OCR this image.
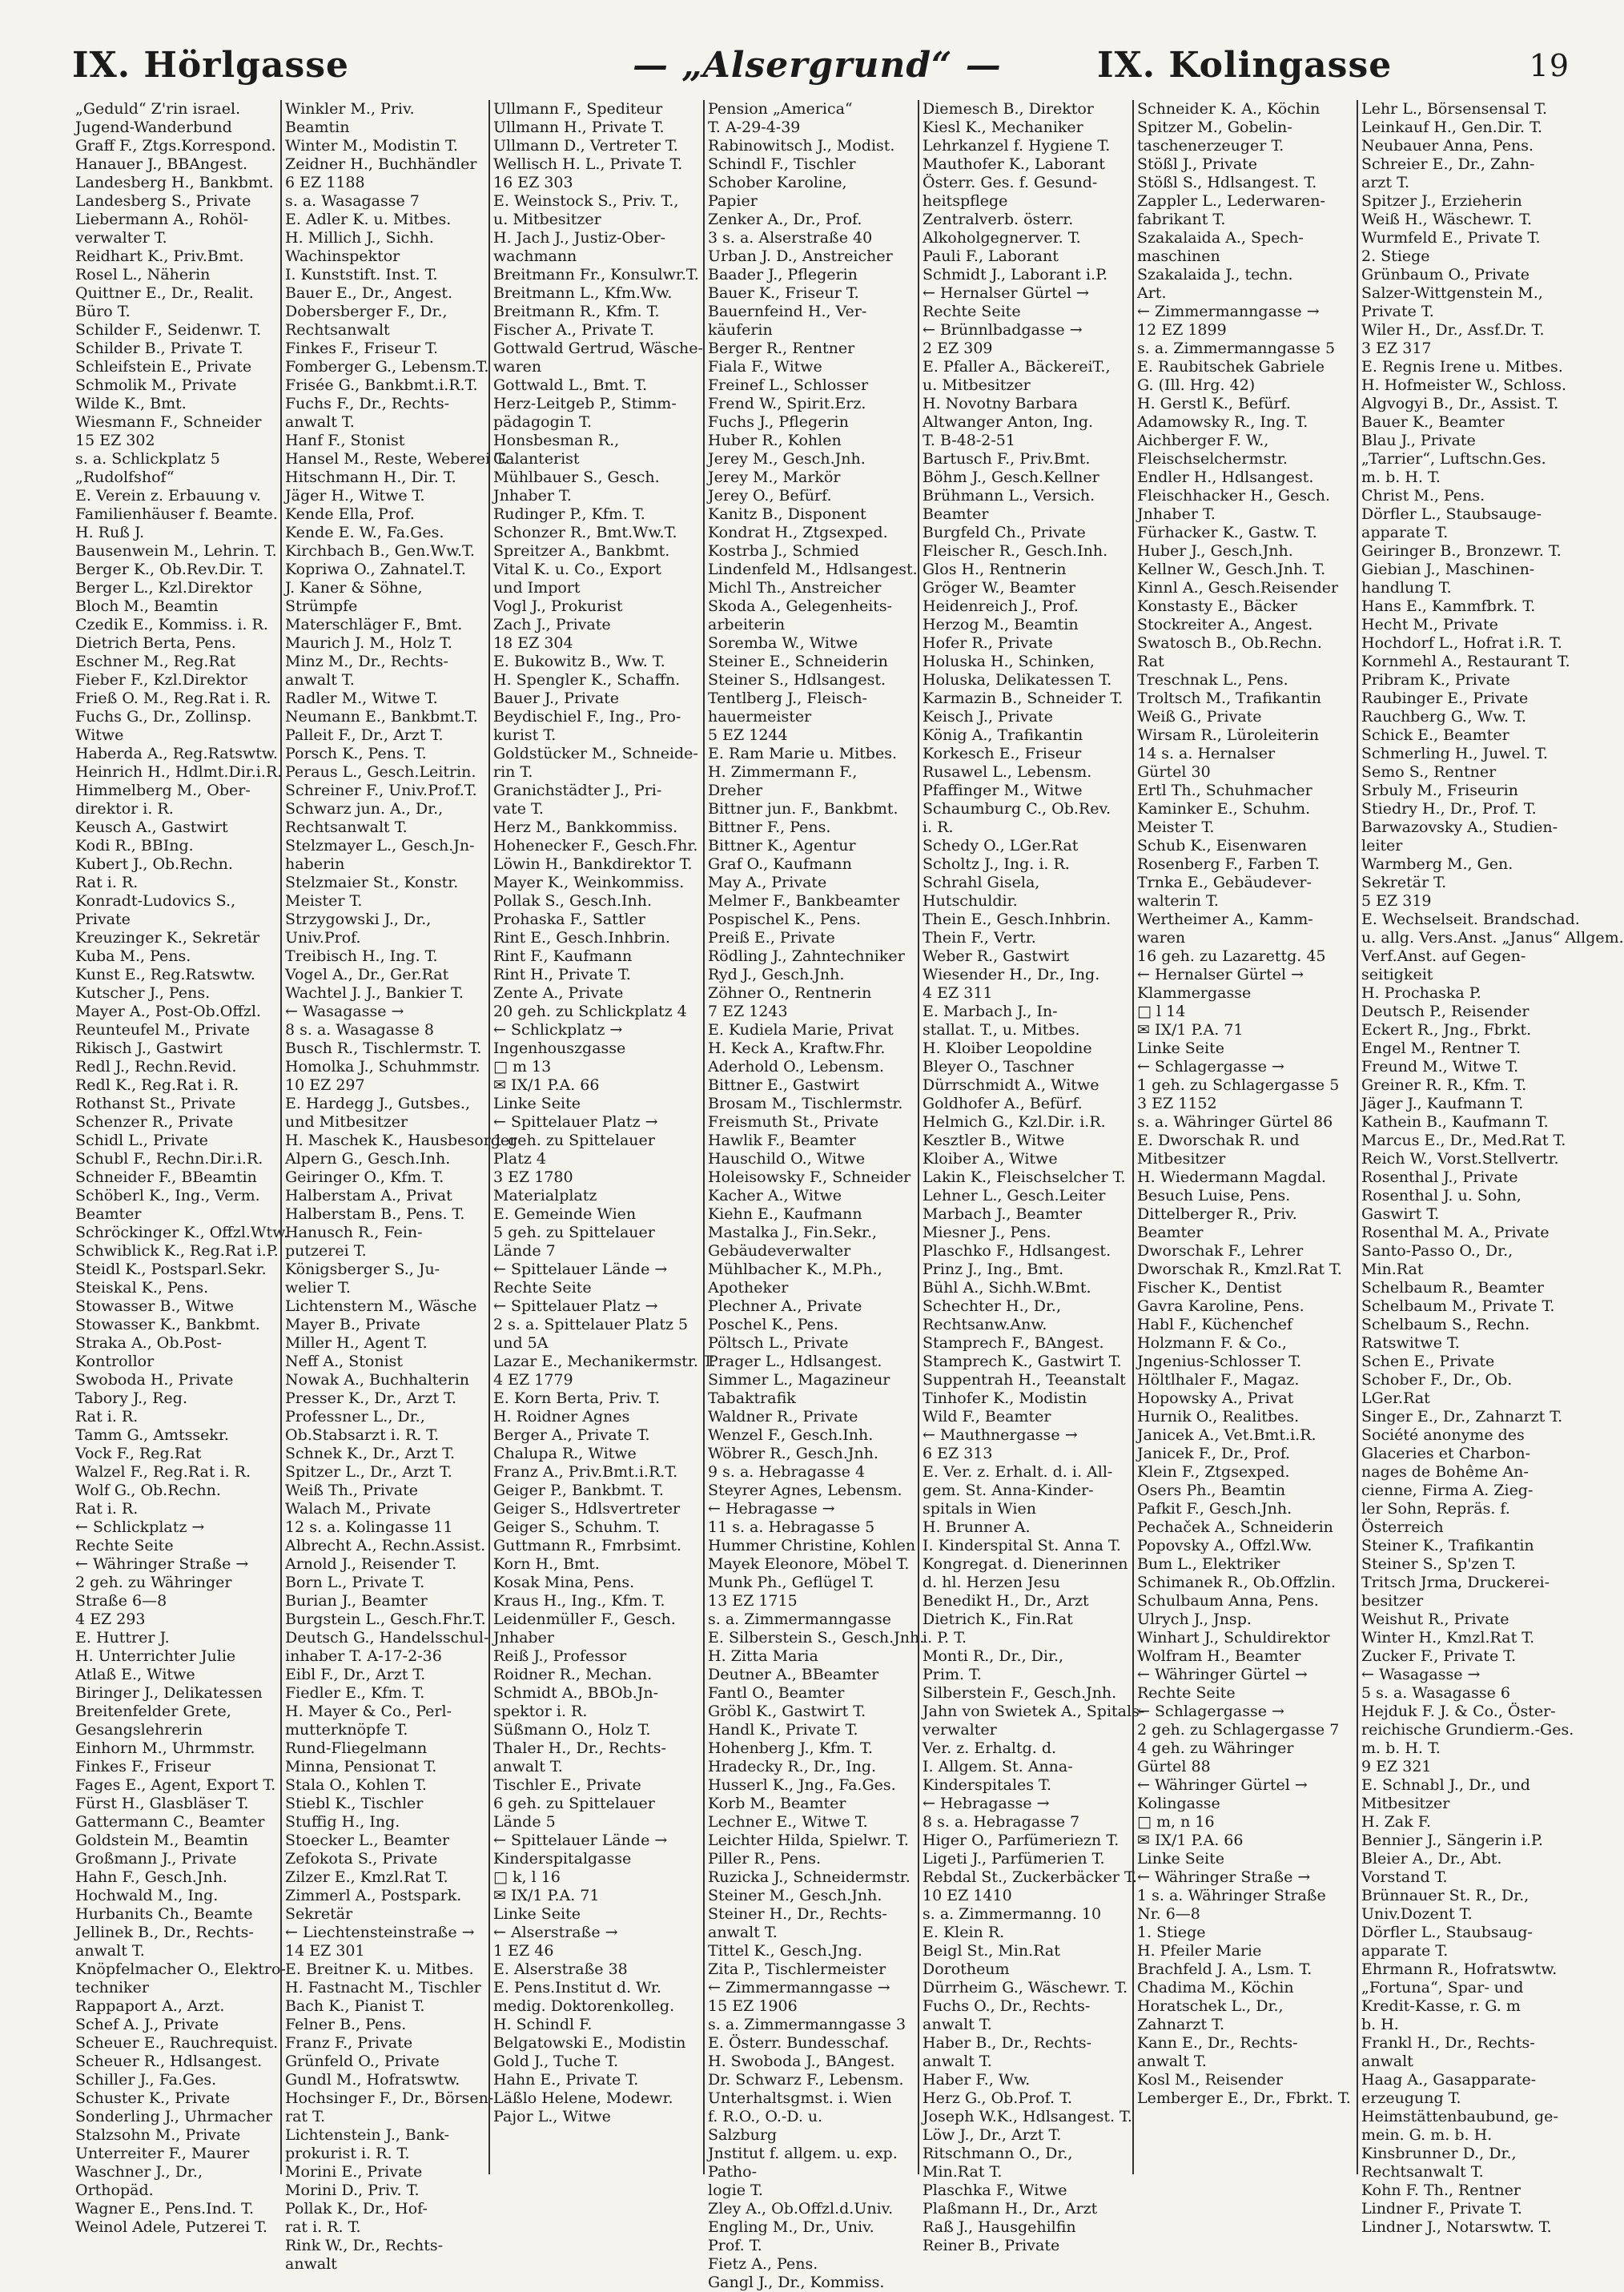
IX. Hörlgasse	— „Alsergrund“ —	IX. Kolingasse	19
„Geduld“ Z'rin israel.
Jugend-Wanderbund
Graff F., Ztgs.Korrespond.
Hanauer J., BBAngest.
Landesberg H., Bankbmt.
Landesberg S., Private
Liebermann A., Rohöl-
verwalter T.
Reidhart K., Priv.Bmt.
Rosel L., Näherin
Quittner E., Dr., Realit.
Büro T.
Schilder F., Seidenwr. T.
Schilder B., Private T.
Schleifstein E., Private
Schmolik M., Private
Wilde K., Bmt.
Wiesmann F., Schneider
15 EZ 302
s. a. Schlickplatz 5
„Rudolfshof“
E. Verein z. Erbauung v.
Familienhäuser f. Beamte.
H. Ruß J.
Bausenwein M., Lehrin. T.
Berger K., Ob.Rev.Dir. T.
Berger L., Kzl.Direktor
Bloch M., Beamtin
Czedik E., Kommiss. i. R.
Dietrich Berta, Pens.
Eschner M., Reg.Rat
Fieber F., Kzl.Direktor
Frieß O. M., Reg.Rat i. R.
Fuchs G., Dr., Zollinsp.
Witwe
Haberda A., Reg.Ratswtw.
Heinrich H., Hdlmt.Dir.i.R.
Himmelberg M., Ober-
direktor i. R.
Keusch A., Gastwirt
Kodi R., BBIng.
Kubert J., Ob.Rechn.
Rat i. R.
Konradt-Ludovics S.,
Private
Kreuzinger K., Sekretär
Kuba M., Pens.
Kunst E., Reg.Ratswtw.
Kutscher J., Pens.
Mayer A., Post-Ob.Offzl.
Reunteufel M., Private
Rikisch J., Gastwirt
Redl J., Rechn.Revid.
Redl K., Reg.Rat i. R.
Rothanst St., Private
Schenzer R., Private
Schidl L., Private
Schubl F., Rechn.Dir.i.R.
Schneider F., BBeamtin
Schöberl K., Ing., Verm.
Beamter
Schröckinger K., Offzl.Wtw.
Schwiblick K., Reg.Rat i.P.
Steidl K., Postsparl.Sekr.
Steiskal K., Pens.
Stowasser B., Witwe
Stowasser K., Bankbmt.
Straka A., Ob.Post-
Kontrollor
Swoboda H., Private
Tabory J., Reg.
Rat i. R.
Tamm G., Amtssekr.
Vock F., Reg.Rat
Walzel F., Reg.Rat i. R.
Wolf G., Ob.Rechn.
Rat i. R.
← Schlickplatz →
Rechte Seite
← Währinger Straße →
2 geh. zu Währinger
Straße 6—8
4 EZ 293
E. Huttrer J.
H. Unterrichter Julie
Atlaß E., Witwe
Biringer J., Delikatessen
Breitenfelder Grete,
Gesangslehrerin
Einhorn M., Uhrmmstr.
Finkes F., Friseur
Fages E., Agent, Export T.
Fürst H., Glasbläser T.
Gattermann C., Beamter
Goldstein M., Beamtin
Großmann J., Private
Hahn F., Gesch.Jnh.
Hochwald M., Ing.
Hurbanits Ch., Beamte
Jellinek B., Dr., Rechts-
anwalt T.
Knöpfelmacher O., Elektro-
techniker
Rappaport A., Arzt.
Schef A. J., Private
Scheuer E., Rauchrequist.
Scheuer R., Hdlsangest.
Schiller J., Fa.Ges.
Schuster K., Private
Sonderling J., Uhrmacher
Stalzsohn M., Private
Unterreiter F., Maurer
Waschner J., Dr.,
Orthopäd.
Wagner E., Pens.Ind. T.
Weinol Adele, Putzerei T.
Winkler M., Priv.
Beamtin
Winter M., Modistin T.
Zeidner H., Buchhändler
6 EZ 1188
s. a. Wasagasse 7
E. Adler K. u. Mitbes.
H. Millich J., Sichh.
Wachinspektor
I. Kunststift. Inst. T.
Bauer E., Dr., Angest.
Dobersberger F., Dr.,
Rechtsanwalt
Finkes F., Friseur T.
Fomberger G., Lebensm.T.
Frisée G., Bankbmt.i.R.T.
Fuchs F., Dr., Rechts-
anwalt T.
Hanf F., Stonist
Hansel M., Reste, Weberei T.
Hitschmann H., Dir. T.
Jäger H., Witwe T.
Kende Ella, Prof.
Kende E. W., Fa.Ges.
Kirchbach B., Gen.Ww.T.
Kopriwa O., Zahnatel.T.
J. Kaner & Söhne,
Strümpfe
Materschläger F., Bmt.
Maurich J. M., Holz T.
Minz M., Dr., Rechts-
anwalt T.
Radler M., Witwe T.
Neumann E., Bankbmt.T.
Palleit F., Dr., Arzt T.
Porsch K., Pens. T.
Peraus L., Gesch.Leitrin.
Schreiner F., Univ.Prof.T.
Schwarz jun. A., Dr.,
Rechtsanwalt T.
Stelzmayer L., Gesch.Jn-
haberin
Stelzmaier St., Konstr.
Meister T.
Strzygowski J., Dr.,
Univ.Prof.
Treibisch H., Ing. T.
Vogel A., Dr., Ger.Rat
Wachtel J. J., Bankier T.
← Wasagasse →
8 s. a. Wasagasse 8
Busch R., Tischlermstr. T.
Homolka J., Schuhmmstr.
10 EZ 297
E. Hardegg J., Gutsbes.,
und Mitbesitzer
H. Maschek K., Hausbesorger
Alpern G., Gesch.Inh.
Geiringer O., Kfm. T.
Halberstam A., Privat
Halberstam B., Pens. T.
Hanusch R., Fein-
putzerei T.
Königsberger S., Ju-
welier T.
Lichtenstern M., Wäsche
Mayer B., Private
Miller H., Agent T.
Neff A., Stonist
Nowak A., Buchhalterin
Presser K., Dr., Arzt T.
Professner L., Dr.,
Ob.Stabsarzt i. R. T.
Schnek K., Dr., Arzt T.
Spitzer L., Dr., Arzt T.
Weiß Th., Private
Walach M., Private
12 s. a. Kolingasse 11
Albrecht A., Rechn.Assist.
Arnold J., Reisender T.
Born L., Private T.
Burian J., Beamter
Burgstein L., Gesch.Fhr.T.
Deutsch G., Handelsschul-
inhaber T. A-17-2-36
Eibl F., Dr., Arzt T.
Fiedler E., Kfm. T.
H. Mayer & Co., Perl-
mutterknöpfe T.
Rund-Fliegelmann
Minna, Pensionat T.
Stala O., Kohlen T.
Stiebl K., Tischler
Stuffig H., Ing.
Stoecker L., Beamter
Zefokota S., Private
Zilzer E., Kmzl.Rat T.
Zimmerl A., Postspark.
Sekretär
← Liechtensteinstraße →
14 EZ 301
E. Breitner K. u. Mitbes.
H. Fastnacht M., Tischler
Bach K., Pianist T.
Felner B., Pens.
Franz F., Private
Grünfeld O., Private
Gundl M., Hofratswtw.
Hochsinger F., Dr., Börsen-
rat T.
Lichtenstein J., Bank-
prokurist i. R. T.
Morini E., Private
Morini D., Priv. T.
Pollak K., Dr., Hof-
rat i. R. T.
Rink W., Dr., Rechts-
anwalt
Ullmann F., Spediteur
Ullmann H., Private T.
Ullmann D., Vertreter T.
Wellisch H. L., Private T.
16 EZ 303
E. Weinstock S., Priv. T.,
u. Mitbesitzer
H. Jach J., Justiz-Ober-
wachmann
Breitmann Fr., Konsulwr.T.
Breitmann L., Kfm.Ww.
Breitmann R., Kfm. T.
Fischer A., Private T.
Gottwald Gertrud, Wäsche-
waren
Gottwald L., Bmt. T.
Herz-Leitgeb P., Stimm-
pädagogin T.
Honsbesman R.,
Galanterist
Mühlbauer S., Gesch.
Jnhaber T.
Rudinger P., Kfm. T.
Schonzer R., Bmt.Ww.T.
Spreitzer A., Bankbmt.
Vital K. u. Co., Export
und Import
Vogl J., Prokurist
Zach J., Private
18 EZ 304
E. Bukowitz B., Ww. T.
H. Spengler K., Schaffn.
Bauer J., Private
Beydischiel F., Ing., Pro-
kurist T.
Goldstücker M., Schneide-
rin T.
Granichstädter J., Pri-
vate T.
Herz M., Bankkommiss.
Hohenecker F., Gesch.Fhr.
Löwin H., Bankdirektor T.
Mayer K., Weinkommiss.
Pollak S., Gesch.Inh.
Prohaska F., Sattler
Rint E., Gesch.Inhbrin.
Rint F., Kaufmann
Rint H., Private T.
Zente A., Private
20 geh. zu Schlickplatz 4
← Schlickplatz →
Ingenhouszgasse
□ m 13
✉ IX/1 P.A. 66
Linke Seite
← Spittelauer Platz →
1 geh. zu Spittelauer
Platz 4
3 EZ 1780
Materialplatz
E. Gemeinde Wien
5 geh. zu Spittelauer
Lände 7
← Spittelauer Lände →
Rechte Seite
← Spittelauer Platz →
2 s. a. Spittelauer Platz 5
und 5A
Lazar E., Mechanikermstr. T.
4 EZ 1779
E. Korn Berta, Priv. T.
H. Roidner Agnes
Berger A., Private T.
Chalupa R., Witwe
Franz A., Priv.Bmt.i.R.T.
Geiger P., Bankbmt. T.
Geiger S., Hdlsvertreter
Geiger S., Schuhm. T.
Guttmann R., Fmrbsimt.
Korn H., Bmt.
Kosak Mina, Pens.
Kraus H., Ing., Kfm. T.
Leidenmüller F., Gesch.
Jnhaber
Reiß J., Professor
Roidner R., Mechan.
Schmidt A., BBOb.Jn-
spektor i. R.
Süßmann O., Holz T.
Thaler H., Dr., Rechts-
anwalt T.
Tischler E., Private
6 geh. zu Spittelauer
Lände 5
← Spittelauer Lände →
Kinderspitalgasse
□ k, l 16
✉ IX/1 P.A. 71
Linke Seite
← Alserstraße →
1 EZ 46
E. Alserstraße 38
E. Pens.Institut d. Wr.
medig. Doktorenkolleg.
H. Schindl F.
Belgatowski E., Modistin
Gold J., Tuche T.
Hahn E., Private T.
Läßlo Helene, Modewr.
Pajor L., Witwe
Pension „America“
T. A-29-4-39
Rabinowitsch J., Modist.
Schindl F., Tischler
Schober Karoline,
Papier
Zenker A., Dr., Prof.
3 s. a. Alserstraße 40
Urban J. D., Anstreicher
Baader J., Pflegerin
Bauer K., Friseur T.
Bauernfeind H., Ver-
käuferin
Berger R., Rentner
Fiala F., Witwe
Freinef L., Schlosser
Frend W., Spirit.Erz.
Fuchs J., Pflegerin
Huber R., Kohlen
Jerey M., Gesch.Jnh.
Jerey M., Markör
Jerey O., Befürf.
Kanitz B., Disponent
Kondrat H., Ztgsexped.
Kostrba J., Schmied
Lindenfeld M., Hdlsangest.
Michl Th., Anstreicher
Skoda A., Gelegenheits-
arbeiterin
Soremba W., Witwe
Steiner E., Schneiderin
Steiner S., Hdlsangest.
Tentlberg J., Fleisch-
hauermeister
5 EZ 1244
E. Ram Marie u. Mitbes.
H. Zimmermann F.,
Dreher
Bittner jun. F., Bankbmt.
Bittner F., Pens.
Bittner K., Agentur
Graf O., Kaufmann
May A., Private
Melmer F., Bankbeamter
Pospischel K., Pens.
Preiß E., Private
Rödling J., Zahntechniker
Ryd J., Gesch.Jnh.
Zöhner O., Rentnerin
7 EZ 1243
E. Kudiela Marie, Privat
H. Keck A., Kraftw.Fhr.
Aderhold O., Lebensm.
Bittner E., Gastwirt
Brosam M., Tischlermstr.
Freismuth St., Private
Hawlik F., Beamter
Hauschild O., Witwe
Holeisowsky F., Schneider
Kacher A., Witwe
Kiehn E., Kaufmann
Mastalka J., Fin.Sekr.,
Gebäudeverwalter
Mühlbacher K., M.Ph.,
Apotheker
Plechner A., Private
Poschel K., Pens.
Pöltsch L., Private
Prager L., Hdlsangest.
Simmer L., Magazineur
Tabaktrafik
Waldner R., Private
Wenzel F., Gesch.Inh.
Wöbrer R., Gesch.Jnh.
9 s. a. Hebragasse 4
Steyrer Agnes, Lebensm.
← Hebragasse →
11 s. a. Hebragasse 5
Hummer Christine, Kohlen
Mayek Eleonore, Möbel T.
Munk Ph., Geflügel T.
13 EZ 1715
s. a. Zimmermanngasse
E. Silberstein S., Gesch.Jnh.
H. Zitta Maria
Deutner A., BBeamter
Fantl O., Beamter
Gröbl K., Gastwirt T.
Handl K., Private T.
Hohenberg J., Kfm. T.
Hradecky R., Dr., Ing.
Husserl K., Jng., Fa.Ges.
Korb M., Beamter
Lechner E., Witwe T.
Leichter Hilda, Spielwr. T.
Piller R., Pens.
Ruzicka J., Schneidermstr.
Steiner M., Gesch.Jnh.
Steiner H., Dr., Rechts-
anwalt T.
Tittel K., Gesch.Jng.
Zita P., Tischlermeister
← Zimmermanngasse →
15 EZ 1906
s. a. Zimmermanngasse 3
E. Österr. Bundesschaf.
H. Swoboda J., BAngest.
Dr. Schwarz F., Lebensm.
Unterhaltsgmst. i. Wien
f. R.O., O.-D. u.
Salzburg
Jnstitut f. allgem. u. exp.
Patho-
logie T.
Zley A., Ob.Offzl.d.Univ.
Engling M., Dr., Univ.
Prof. T.
Fietz A., Pens.
Gangl J., Dr., Kommiss.
Diemesch B., Direktor
Kiesl K., Mechaniker
Lehrkanzel f. Hygiene T.
Mauthofer K., Laborant
Österr. Ges. f. Gesund-
heitspflege
Zentralverb. österr.
Alkoholgegnerver. T.
Pauli F., Laborant
Schmidt J., Laborant i.P.
← Hernalser Gürtel →
Rechte Seite
← Brünnlbadgasse →
2 EZ 309
E. Pfaller A., BäckereiT.,
u. Mitbesitzer
H. Novotny Barbara
Altwanger Anton, Ing.
T. B-48-2-51
Bartusch F., Priv.Bmt.
Böhm J., Gesch.Kellner
Brühmann L., Versich.
Beamter
Burgfeld Ch., Private
Fleischer R., Gesch.Inh.
Glos H., Rentnerin
Gröger W., Beamter
Heidenreich J., Prof.
Herzog M., Beamtin
Hofer R., Private
Holuska H., Schinken,
Holuska, Delikatessen T.
Karmazin B., Schneider T.
Keisch J., Private
König A., Trafikantin
Korkesch E., Friseur
Rusawel L., Lebensm.
Pfaffinger M., Witwe
Schaumburg C., Ob.Rev.
i. R.
Schedy O., LGer.Rat
Scholtz J., Ing. i. R.
Schrahl Gisela,
Hutschuldir.
Thein E., Gesch.Inhbrin.
Thein F., Vertr.
Weber R., Gastwirt
Wiesender H., Dr., Ing.
4 EZ 311
E. Marbach J., In-
stallat. T., u. Mitbes.
H. Kloiber Leopoldine
Bleyer O., Taschner
Dürrschmidt A., Witwe
Goldhofer A., Befürf.
Helmich G., Kzl.Dir. i.R.
Kesztler B., Witwe
Kloiber A., Witwe
Lakin K., Fleischselcher T.
Lehner L., Gesch.Leiter
Marbach J., Beamter
Miesner J., Pens.
Plaschko F., Hdlsangest.
Prinz J., Ing., Bmt.
Bühl A., Sichh.W.Bmt.
Schechter H., Dr.,
Rechtsanw.Anw.
Stamprech F., BAngest.
Stamprech K., Gastwirt T.
Suppentrah H., Teeanstalt
Tinhofer K., Modistin
Wild F., Beamter
← Mauthnergasse →
6 EZ 313
E. Ver. z. Erhalt. d. i. All-
gem. St. Anna-Kinder-
spitals in Wien
H. Brunner A.
I. Kinderspital St. Anna T.
Kongregat. d. Dienerinnen
d. hl. Herzen Jesu
Benedikt H., Dr., Arzt
Dietrich K., Fin.Rat
i. P. T.
Monti R., Dr., Dir.,
Prim. T.
Silberstein F., Gesch.Jnh.
Jahn von Swietek A., Spitals-
verwalter
Ver. z. Erhaltg. d.
I. Allgem. St. Anna-
Kinderspitales T.
← Hebragasse →
8 s. a. Hebragasse 7
Higer O., Parfümeriezn T.
Ligeti J., Parfümerien T.
Rebdal St., Zuckerbäcker T.
10 EZ 1410
s. a. Zimmermanng. 10
E. Klein R.
Beigl St., Min.Rat
Dorotheum
Dürrheim G., Wäschewr. T.
Fuchs O., Dr., Rechts-
anwalt T.
Haber B., Dr., Rechts-
anwalt T.
Haber F., Ww.
Herz G., Ob.Prof. T.
Joseph W.K., Hdlsangest. T.
Löw J., Dr., Arzt T.
Ritschmann O., Dr.,
Min.Rat T.
Plaschka F., Witwe
Plaßmann H., Dr., Arzt
Raß J., Hausgehilfin
Reiner B., Private
Schneider K. A., Köchin
Spitzer M., Gobelin-
taschenerzeuger T.
Stößl J., Private
Stößl S., Hdlsangest. T.
Zappler L., Lederwaren-
fabrikant T.
Szakalaida A., Spech-
maschinen
Szakalaida J., techn.
Art.
← Zimmermanngasse →
12 EZ 1899
s. a. Zimmermanngasse 5
E. Raubitschek Gabriele
G. (Ill. Hrg. 42)
H. Gerstl K., Befürf.
Adamowsky R., Ing. T.
Aichberger F. W.,
Fleischselchermstr.
Endler H., Hdlsangest.
Fleischhacker H., Gesch.
Jnhaber T.
Fürhacker K., Gastw. T.
Huber J., Gesch.Jnh.
Kellner W., Gesch.Jnh. T.
Kinnl A., Gesch.Reisender
Konstasty E., Bäcker
Stockreiter A., Angest.
Swatosch B., Ob.Rechn.
Rat
Treschnak L., Pens.
Troltsch M., Trafikantin
Weiß G., Private
Wirsam R., Lüroleiterin
14 s. a. Hernalser
Gürtel 30
Ertl Th., Schuhmacher
Kaminker E., Schuhm.
Meister T.
Schub K., Eisenwaren
Rosenberg F., Farben T.
Trnka E., Gebäudever-
walterin T.
Wertheimer A., Kamm-
waren
16 geh. zu Lazarettg. 45
← Hernalser Gürtel →
Klammergasse
□ l 14
✉ IX/1 P.A. 71
Linke Seite
← Schlagergasse →
1 geh. zu Schlagergasse 5
3 EZ 1152
s. a. Währinger Gürtel 86
E. Dworschak R. und
Mitbesitzer
H. Wiedermann Magdal.
Besuch Luise, Pens.
Dittelberger R., Priv.
Beamter
Dworschak F., Lehrer
Dworschak R., Kmzl.Rat T.
Fischer K., Dentist
Gavra Karoline, Pens.
Habl F., Küchenchef
Holzmann F. & Co.,
Jngenius-Schlosser T.
Höltlhaler F., Magaz.
Hopowsky A., Privat
Hurnik O., Realitbes.
Janicek A., Vet.Bmt.i.R.
Janicek F., Dr., Prof.
Klein F., Ztgsexped.
Osers Ph., Beamtin
Pafkit F., Gesch.Jnh.
Pechaček A., Schneiderin
Popovsky A., Offzl.Ww.
Bum L., Elektriker
Schimanek R., Ob.Offzlin.
Schulbaum Anna, Pens.
Ulrych J., Jnsp.
Winhart J., Schuldirektor
Wolfram H., Beamter
← Währinger Gürtel →
Rechte Seite
← Schlagergasse →
2 geh. zu Schlagergasse 7
4 geh. zu Währinger
Gürtel 88
← Währinger Gürtel →
Kolingasse
□ m, n 16
✉ IX/1 P.A. 66
Linke Seite
← Währinger Straße →
1 s. a. Währinger Straße
Nr. 6—8
1. Stiege
H. Pfeiler Marie
Brachfeld J. A., Lsm. T.
Chadima M., Köchin
Horatschek L., Dr.,
Zahnarzt T.
Kann E., Dr., Rechts-
anwalt T.
Kosl M., Reisender
Lemberger E., Dr., Fbrkt. T.
Lehr L., Börsensensal T.
Leinkauf H., Gen.Dir. T.
Neubauer Anna, Pens.
Schreier E., Dr., Zahn-
arzt T.
Spitzer J., Erzieherin
Weiß H., Wäschewr. T.
Wurmfeld E., Private T.
2. Stiege
Grünbaum O., Private
Salzer-Wittgenstein M.,
Private T.
Wiler H., Dr., Assf.Dr. T.
3 EZ 317
E. Regnis Irene u. Mitbes.
H. Hofmeister W., Schloss.
Algvogyi B., Dr., Assist. T.
Bauer K., Beamter
Blau J., Private
„Tarrier“, Luftschn.Ges.
m. b. H. T.
Christ M., Pens.
Dörfler L., Staubsauge-
apparate T.
Geiringer B., Bronzewr. T.
Giebian J., Maschinen-
handlung T.
Hans E., Kammfbrk. T.
Hecht M., Private
Hochdorf L., Hofrat i.R. T.
Kornmehl A., Restaurant T.
Pribram K., Private
Raubinger E., Private
Rauchberg G., Ww. T.
Schick E., Beamter
Schmerling H., Juwel. T.
Semo S., Rentner
Srbuly M., Friseurin
Stiedry H., Dr., Prof. T.
Barwazovsky A., Studien-
leiter
Warmberg M., Gen.
Sekretär T.
5 EZ 319
E. Wechselseit. Brandschad.
u. allg. Vers.Anst. „Janus“ Allgem.
Verf.Anst. auf Gegen-
seitigkeit
H. Prochaska P.
Deutsch P., Reisender
Eckert R., Jng., Fbrkt.
Engel M., Rentner T.
Freund M., Witwe T.
Greiner R. R., Kfm. T.
Jäger J., Kaufmann T.
Kathein B., Kaufmann T.
Marcus E., Dr., Med.Rat T.
Reich W., Vorst.Stellvertr.
Rosenthal J., Private
Rosenthal J. u. Sohn,
Gaswirt T.
Rosenthal M. A., Private
Santo-Passo O., Dr.,
Min.Rat
Schelbaum R., Beamter
Schelbaum M., Private T.
Schelbaum S., Rechn.
Ratswitwe T.
Schen E., Private
Schober F., Dr., Ob.
LGer.Rat
Singer E., Dr., Zahnarzt T.
Société anonyme des
Glaceries et Charbon-
nages de Bohême An-
cienne, Firma A. Zieg-
ler Sohn, Repräs. f.
Österreich
Steiner K., Trafikantin
Steiner S., Sp'zen T.
Tritsch Jrma, Druckerei-
besitzer
Weishut R., Private
Winter H., Kmzl.Rat T.
Zucker F., Private T.
← Wasagasse →
5 s. a. Wasagasse 6
Hejduk F. J. & Co., Öster-
reichische Grundierm.-Ges.
m. b. H. T.
9 EZ 321
E. Schnabl J., Dr., und
Mitbesitzer
H. Zak F.
Bennier J., Sängerin i.P.
Bleier A., Dr., Abt.
Vorstand T.
Brünnauer St. R., Dr.,
Univ.Dozent T.
Dörfler L., Staubsaug-
apparate T.
Ehrmann R., Hofratswtw.
„Fortuna“, Spar- und
Kredit-Kasse, r. G. m
b. H.
Frankl H., Dr., Rechts-
anwalt
Haag A., Gasapparate-
erzeugung T.
Heimstättenbaubund, ge-
mein. G. m. b. H.
Kinsbrunner D., Dr.,
Rechtsanwalt T.
Kohn F. Th., Rentner
Lindner F., Private T.
Lindner J., Notarswtw. T.
